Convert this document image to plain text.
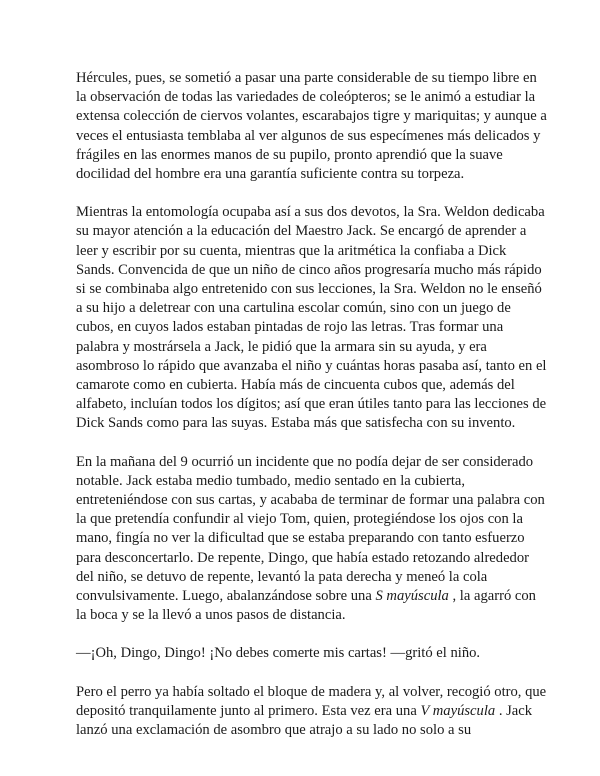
Hércules, pues, se sometió a pasar una parte considerable de su tiempo libre en la observación de todas las variedades de coleópteros; se le animó a estudiar la extensa colección de ciervos volantes, escarabajos tigre y mariquitas; y aunque a veces el entusiasta temblaba al ver algunos de sus especímenes más delicados y frágiles en las enormes manos de su pupilo, pronto aprendió que la suave docilidad del hombre era una garantía suficiente contra su torpeza.

Mientras la entomología ocupaba así a sus dos devotos, la Sra. Weldon dedicaba su mayor atención a la educación del Maestro Jack. Se encargó de aprender a leer y escribir por su cuenta, mientras que la aritmética la confiaba a Dick Sands. Convencida de que un niño de cinco años progresaría mucho más rápido si se combinaba algo entretenido con sus lecciones, la Sra. Weldon no le enseñó a su hijo a deletrear con una cartulina escolar común, sino con un juego de cubos, en cuyos lados estaban pintadas de rojo las letras. Tras formar una palabra y mostrársela a Jack, le pidió que la armara sin su ayuda, y era asombroso lo rápido que avanzaba el niño y cuántas horas pasaba así, tanto en el camarote como en cubierta. Había más de cincuenta cubos que, además del alfabeto, incluían todos los dígitos; así que eran útiles tanto para las lecciones de Dick Sands como para las suyas. Estaba más que satisfecha con su invento.

En la mañana del 9 ocurrió un incidente que no podía dejar de ser considerado notable. Jack estaba medio tumbado, medio sentado en la cubierta, entreteniéndose con sus cartas, y acababa de terminar de formar una palabra con la que pretendía confundir al viejo Tom, quien, protegiéndose los ojos con la mano, fingía no ver la dificultad que se estaba preparando con tanto esfuerzo para desconcertarlo. De repente, Dingo, que había estado retozando alrededor del niño, se detuvo de repente, levantó la pata derecha y meneó la cola convulsivamente. Luego, abalanzándose sobre una S mayúscula , la agarró con la boca y se la llevó a unos pasos de distancia.

—¡Oh, Dingo, Dingo! ¡No debes comerte mis cartas! —gritó el niño.

Pero el perro ya había soltado el bloque de madera y, al volver, recogió otro, que depositó tranquilamente junto al primero. Esta vez era una V mayúscula . Jack lanzó una exclamación de asombro que atrajo a su lado no solo a su
